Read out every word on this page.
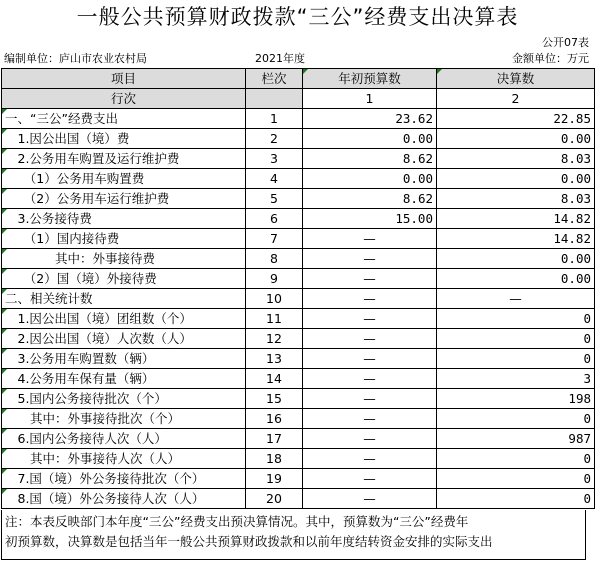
一般公共预算财政拨款“三公”经费支出决算表
公开07表
编制单位：庐山市农业农村局	2021年度	金额单位：万元
项目	栏次	年初预算数	决算数
行次		1	2
一、“三公”经费支出	1	23.62	22.85
　1.因公出国（境）费	2	0.00	0.00
　2.公务用车购置及运行维护费	3	8.62	8.03
　　（1）公务用车购置费	4	0.00	0.00
　　（2）公务用车运行维护费	5	8.62	8.03
　3.公务接待费	6	15.00	14.82
　　（1）国内接待费	7	—	14.82
　　　　其中：外事接待费	8	—	0.00
　　（2）国（境）外接待费	9	—	0.00
二、相关统计数	10	—	—
　1.因公出国（境）团组数（个）	11	—	0
　2.因公出国（境）人次数（人）	12	—	0
　3.公务用车购置数（辆）	13	—	0
　4.公务用车保有量（辆）	14	—	3
　5.国内公务接待批次（个）	15	—	198
　　其中：外事接待批次（个）	16	—	0
　6.国内公务接待人次（人）	17	—	987
　　其中：外事接待人次（人）	18	—	0
　7.国（境）外公务接待批次（个）	19	—	0
　8.国（境）外公务接待人次（人）	20	—	0
注：本表反映部门本年度“三公”经费支出预决算情况。其中，预算数为“三公”经费年
初预算数，决算数是包括当年一般公共预算财政拨款和以前年度结转资金安排的实际支出
